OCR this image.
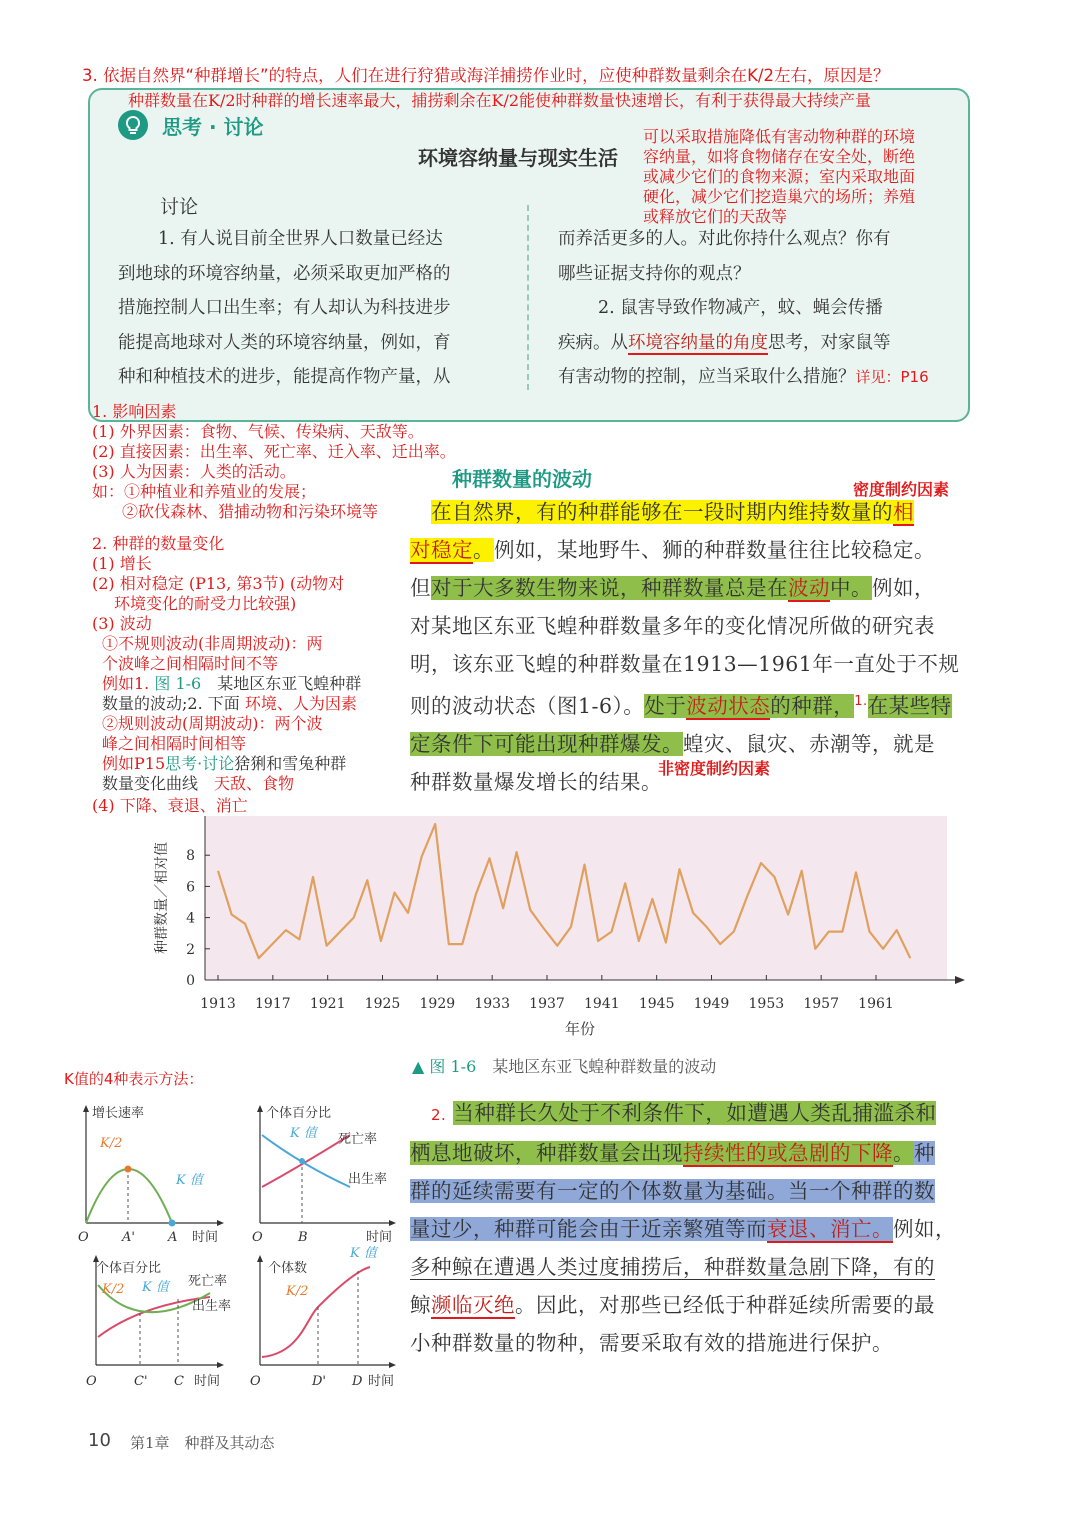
3. 依据自然界“种群增长”的特点，人们在进行狩猎或海洋捕捞作业时，应使种群数量剩余在K/2左右，原因是？
种群数量在K/2时种群的增长速率最大，捕捞剩余在K/2能使种群数量快速增长，有利于获得最大持续产量
思考 · 讨论
环境容纳量与现实生活
可以采取措施降低有害动物种群的环境
容纳量，如将食物储存在安全处，断绝
或减少它们的食物来源；室内采取地面
硬化，减少它们挖造巢穴的场所；养殖
或释放它们的天敌等
讨论
1. 有人说目前全世界人口数量已经达
到地球的环境容纳量，必须采取更加严格的
措施控制人口出生率；有人却认为科技进步
能提高地球对人类的环境容纳量，例如，育
种和种植技术的进步，能提高作物产量，从
而养活更多的人。对此你持什么观点？你有
哪些证据支持你的观点？
2. 鼠害导致作物减产，蚊、蝇会传播
疾病。从环境容纳量的角度思考，对家鼠等
有害动物的控制，应当采取什么措施？详见：P16
1. 影响因素
(1) 外界因素：食物、气候、传染病、天敌等。
(2) 直接因素：出生率、死亡率、迁入率、迁出率。
(3) 人为因素：人类的活动。
如：①种植业和养殖业的发展；
②砍伐森林、猎捕动物和污染环境等
2. 种群的数量变化
(1) 增长
(2) 相对稳定 (P13, 第3节) (动物对
环境变化的耐受力比较强)
(3) 波动
①不规则波动(非周期波动)：两
个波峰之间相隔时间不等
例如1. 图 1-6　 某地区东亚飞蝗种群
数量的波动;2. 下面 环境、人为因素
②规则波动(周期波动)：两个波
峰之间相隔时间相等
例如P15思考·讨论猞猁和雪兔种群
数量变化曲线　 天敌、食物
(4) 下降、衰退、消亡
种群数量的波动	密度制约因素
　在自然界，有的种群能够在一段时期内维持数量的相
对稳定。例如，某地野牛、狮的种群数量往往比较稳定。
但对于大多数生物来说，种群数量总是在波动中。例如，
对某地区东亚飞蝗种群数量多年的变化情况所做的研究表
明，该东亚飞蝗的种群数量在1913—1961年一直处于不规
则的波动状态（图1-6）。处于波动状态的种群，$^{1.}$在某些特
定条件下可能出现种群爆发。蝗灾、鼠灾、赤潮等，就是
种群数量爆发增长的结果。
非密度制约因素
0
2
4
6
8
1913 1917 1921 1925 1929 1933 1937 1941 1945 1949 1953 1957 1961
种群数量／相对值
年份
▲ 图 1-6　 某地区东亚飞蝗种群数量的波动
K值的4种表示方法：
增长速率
K/2
K 值
O	A'	A 时间
个体百分比
K 值 死亡率
出生率
O	B	时间
个体百分比
K/2 K 值 死亡率
出生率
O	C' C 时间
个体数
K 值
K/2
O	D' D 时间
　2. 当种群长久处于不利条件下，如遭遇人类乱捕滥杀和
栖息地破坏，种群数量会出现持续性的或急剧的下降。种
群的延续需要有一定的个体数量为基础。当一个种群的数
量过少，种群可能会由于近亲繁殖等而衰退、消亡。例如，
多种鲸在遭遇人类过度捕捞后，种群数量急剧下降，有的
鲸濒临灭绝。因此，对那些已经低于种群延续所需要的最
小种群数量的物种，需要采取有效的措施进行保护。
10 第1章　种群及其动态
